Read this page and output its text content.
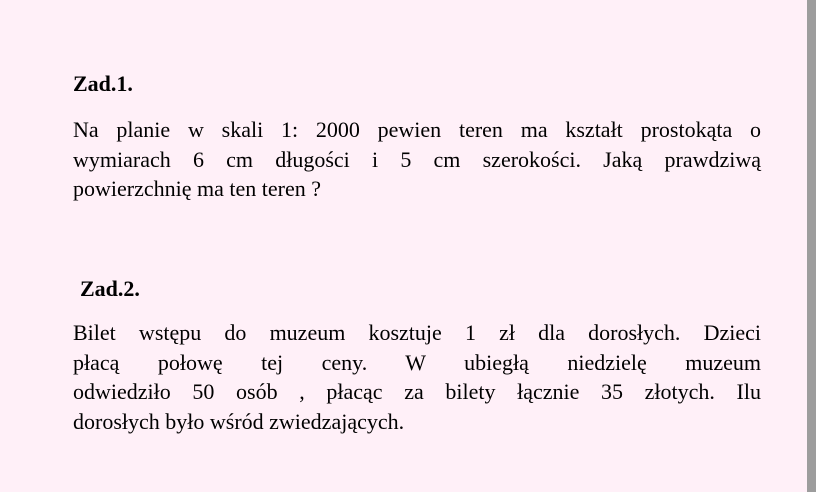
Zad.1.
Na planie w skali 1: 2000 pewien teren ma kształt prostokąta o
wymiarach 6 cm długości i 5 cm szerokości. Jaką prawdziwą
powierzchnię ma ten teren ?
Zad.2.
Bilet wstępu do muzeum kosztuje 1 zł dla dorosłych. Dzieci
płacą połowę tej ceny. W ubiegłą niedzielę muzeum
odwiedziło 50 osób , płacąc za bilety łącznie 35 złotych. Ilu
dorosłych było wśród zwiedzających.
